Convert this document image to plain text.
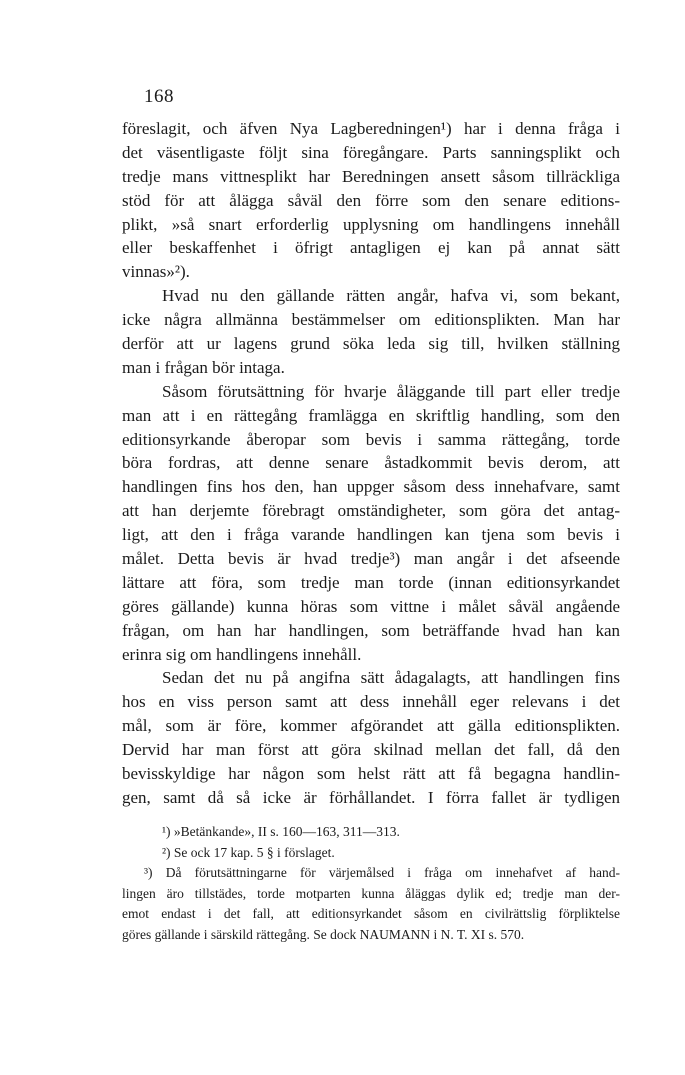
168
föreslagit, och äfven Nya Lagberedningen¹) har i denna fråga i
det väsentligaste följt sina föregångare. Parts sanningsplikt och
tredje mans vittnesplikt har Beredningen ansett såsom tillräckliga
stöd för att ålägga såväl den förre som den senare editions-
plikt, »så snart erforderlig upplysning om handlingens innehåll
eller beskaffenhet i öfrigt antagligen ej kan på annat sätt
vinnas»²).
Hvad nu den gällande rätten angår, hafva vi, som bekant,
icke några allmänna bestämmelser om editionsplikten. Man har
derför att ur lagens grund söka leda sig till, hvilken ställning
man i frågan bör intaga.
Såsom förutsättning för hvarje åläggande till part eller tredje
man att i en rättegång framlägga en skriftlig handling, som den
editionsyrkande åberopar som bevis i samma rättegång, torde
böra fordras, att denne senare åstadkommit bevis derom, att
handlingen fins hos den, han uppger såsom dess innehafvare, samt
att han derjemte förebragt omständigheter, som göra det antag-
ligt, att den i fråga varande handlingen kan tjena som bevis i
målet. Detta bevis är hvad tredje³) man angår i det afseende
lättare att föra, som tredje man torde (innan editionsyrkandet
göres gällande) kunna höras som vittne i målet såväl angående
frågan, om han har handlingen, som beträffande hvad han kan
erinra sig om handlingens innehåll.
Sedan det nu på angifna sätt ådagalagts, att handlingen fins
hos en viss person samt att dess innehåll eger relevans i det
mål, som är före, kommer afgörandet att gälla editionsplikten.
Dervid har man först att göra skilnad mellan det fall, då den
bevisskyldige har någon som helst rätt att få begagna handlin-
gen, samt då så icke är förhållandet. I förra fallet är tydligen
¹) »Betänkande», II s. 160—163, 311—313.
²) Se ock 17 kap. 5 § i förslaget.
³) Då förutsättningarne för värjemålsed i fråga om innehafvet af hand-
lingen äro tillstädes, torde motparten kunna åläggas dylik ed; tredje man der-
emot endast i det fall, att editionsyrkandet såsom en civilrättslig förpliktelse
göres gällande i särskild rättegång. Se dock NAUMANN i N. T. XI s. 570.
